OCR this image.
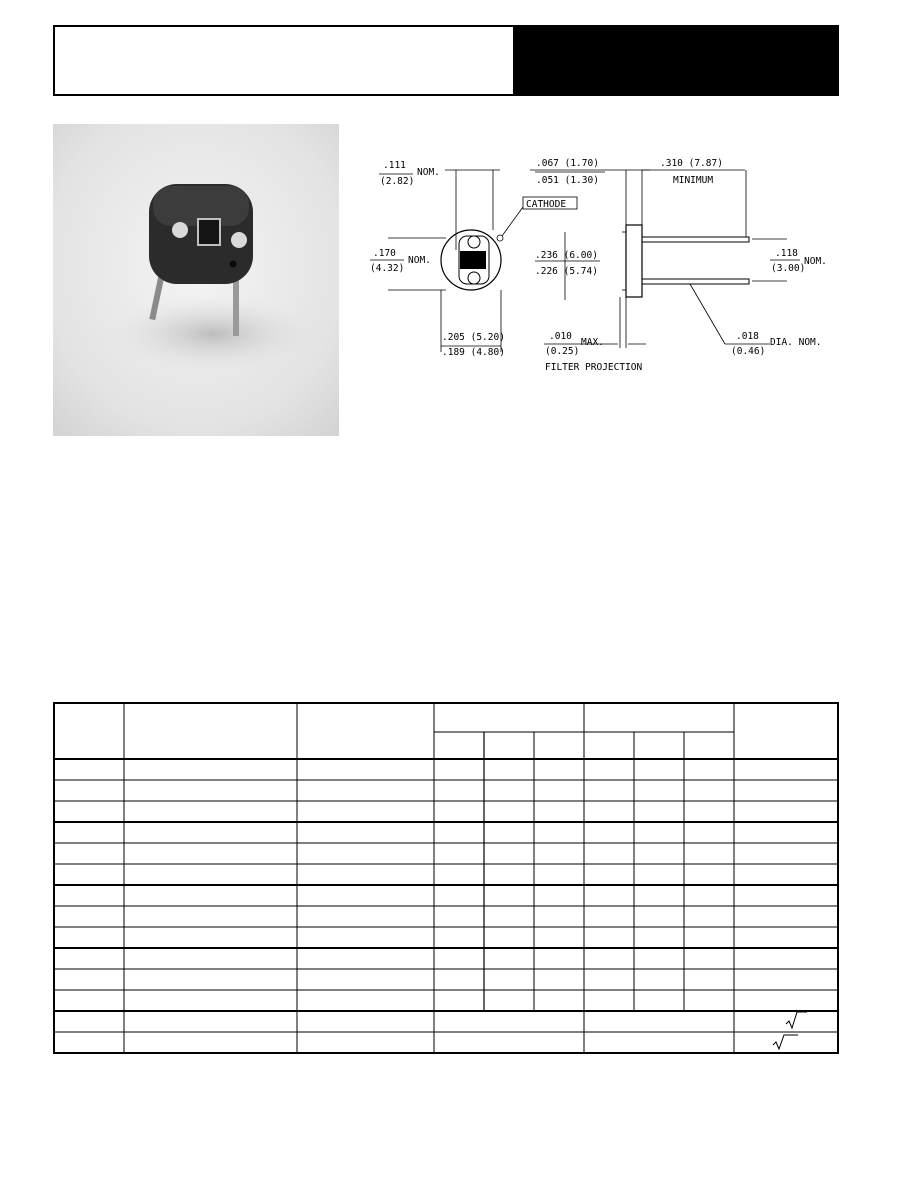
.111
(2.82)
NOM.
CATHODE
.170
(4.32)
NOM.
.205 (5.20)
.189 (4.80)
.067 (1.70)
.051 (1.30)
.310 (7.87)
MINIMUM
.236 (6.00)
.226 (5.74)
.118
(3.00)
NOM.
.010
(0.25)
MAX.
FILTER PROJECTION
.018
(0.46)
DIA. NOM.
